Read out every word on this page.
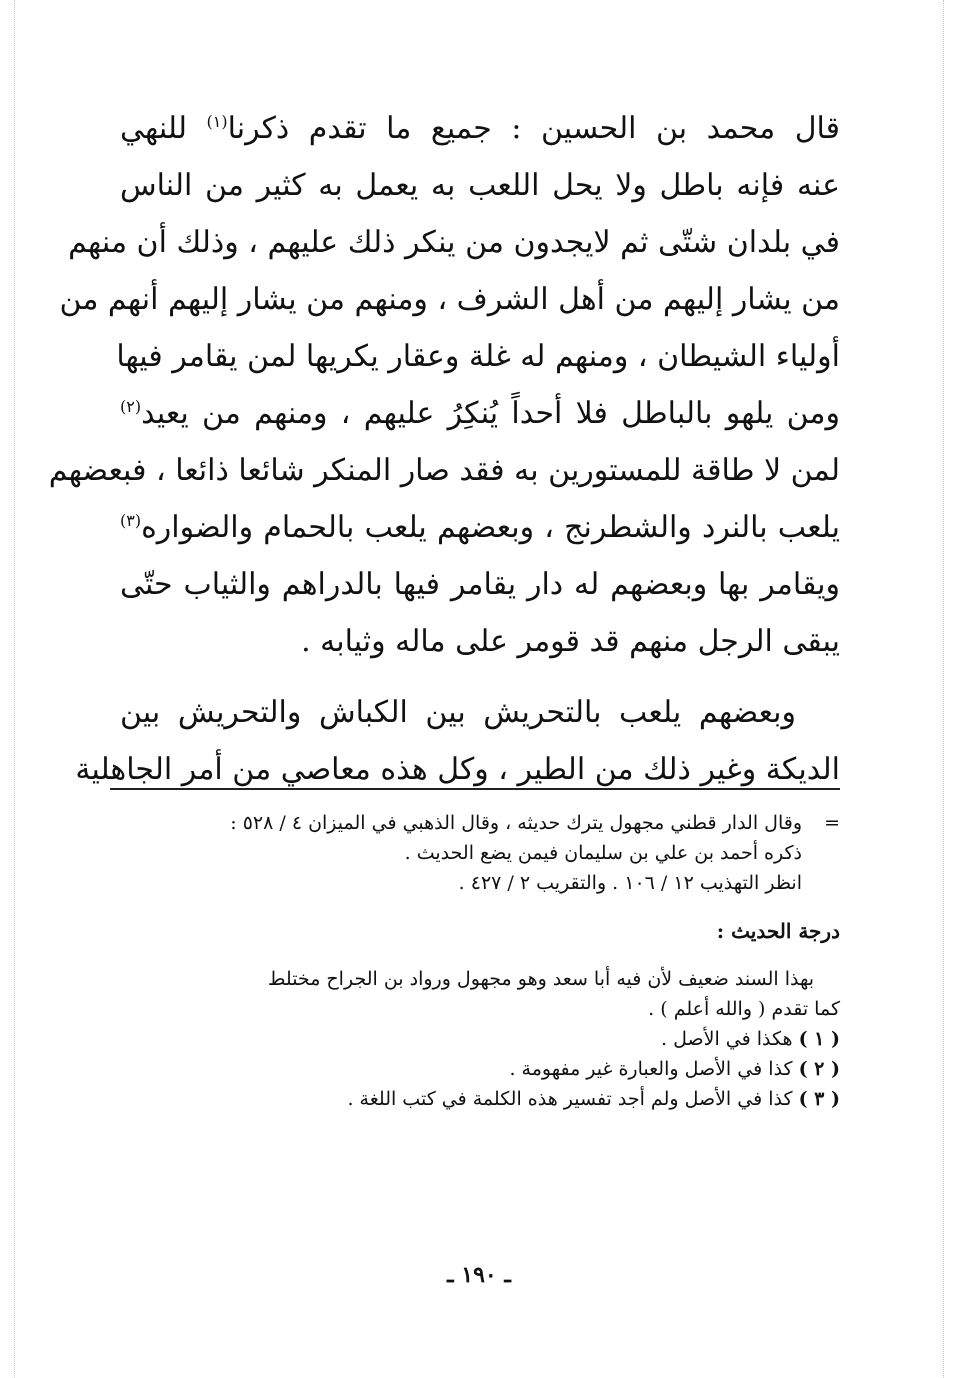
قال محمد بن الحسين : جميع ما تقدم ذكرنا$^{(١)}$ للنهي
عنه فإنه باطل ولا يحل اللعب به يعمل به كثير من الناس
في بلدان شتّى ثم لايجدون من ينكر ذلك عليهم ، وذلك أن منهم
من يشار إليهم من أهل الشرف ، ومنهم من يشار إليهم أنهم من
أولياء الشيطان ، ومنهم له غلة وعقار يكريها لمن يقامر فيها
ومن يلهو بالباطل فلا أحداً يُنكِرُ عليهم ، ومنهم من يعيد$^{(٢)}$
لمن لا طاقة للمستورين به فقد صار المنكر شائعا ذائعا ، فبعضهم
يلعب بالنرد والشطرنج ، وبعضهم يلعب بالحمام والضواره$^{(٣)}$
ويقامر بها وبعضهم له دار يقامر فيها بالدراهم والثياب حتّى
يبقى الرجل منهم قد قومر على ماله وثيابه .
وبعضهم يلعب بالتحريش بين الكباش والتحريش بين
الديكة وغير ذلك من الطير ، وكل هذه معاصي من أمر الجاهلية
=وقال الدار قطني مجهول يترك حديثه ، وقال الذهبي في الميزان ٤ / ٥٢٨ :
ذكره أحمد بن علي بن سليمان فيمن يضع الحديث .
انظر التهذيب ١٢ / ١٠٦ . والتقريب ٢ / ٤٢٧ .
درجة الحديث :
بهذا السند ضعيف لأن فيه أبا سعد وهو مجهول ورواد بن الجراح مختلط
كما تقدم ( والله أعلم ) .
( ١ ) هكذا في الأصل .
( ٢ ) كذا في الأصل والعبارة غير مفهومة .
( ٣ ) كذا في الأصل ولم أجد تفسير هذه الكلمة في كتب اللغة .
ـ ١٩٠ ـ
